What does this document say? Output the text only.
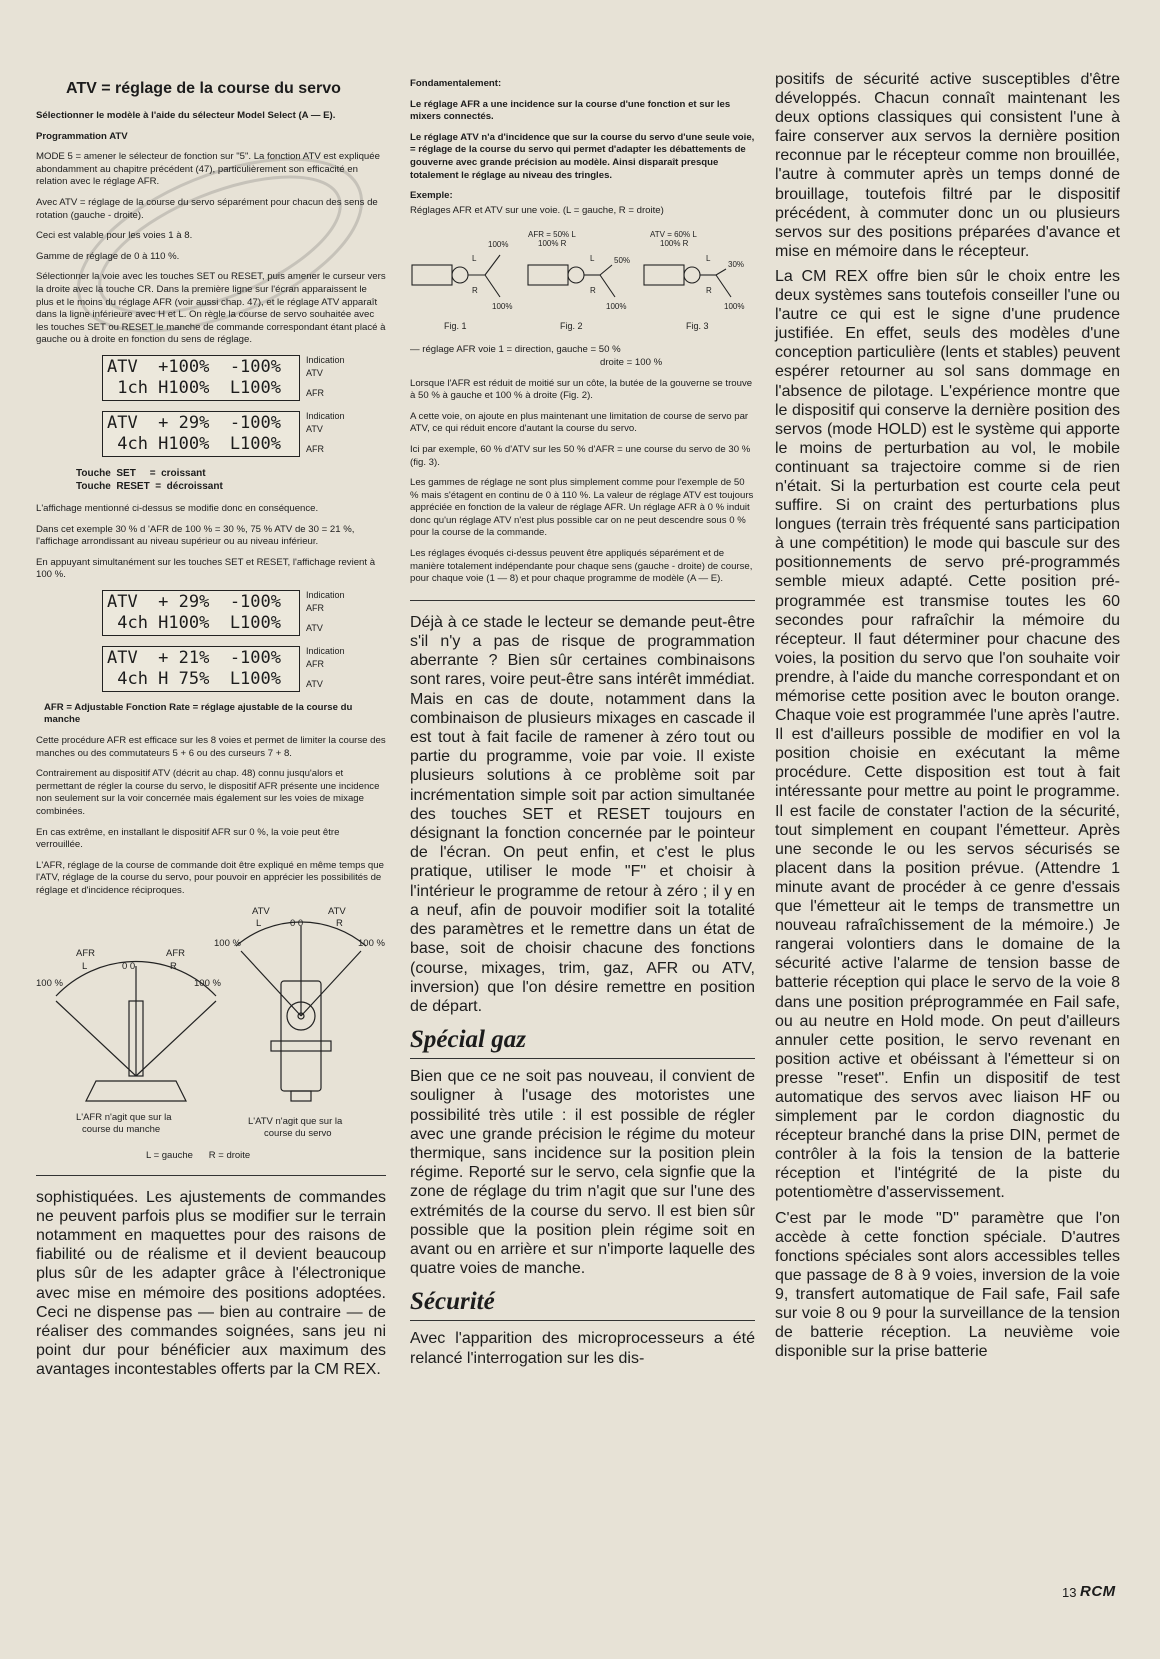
ATV = réglage de la course du servo

Sélectionner le modèle à l'aide du sélecteur Model Select (A — E).

Programmation ATV

MODE 5 = amener le sélecteur de fonction sur "5". La fonction ATV est expliquée abondamment au chapitre précédent (47), particulièrement son efficacité en relation avec le réglage AFR.

Avec ATV = réglage de la course du servo séparément pour chacun des sens de rotation (gauche - droite).

Ceci est valable pour les voies 1 à 8.

Gamme de réglage de 0 à 110 %.

Sélectionner la voie avec les touches SET ou RESET, puis amener le curseur vers la droite avec la touche CR. Dans la première ligne sur l'écran apparaissent le plus et le moins du réglage AFR (voir aussi chap. 47), et le réglage ATV apparaît dans la ligne inférieure avec H et L. On règle la course de servo souhaitée avec les touches SET ou RESET le manche de commande correspondant étant placé à gauche ou à droite en fonction du sens de réglage.

ATV  +100%  -100%
1ch H100%  L100%
Indication
ATV
AFR
ATV  + 29%  -100%
4ch H100%  L100%
Indication
ATV
AFR
Touche  SET     =  croissant
Touche  RESET  =  décroissant

L'affichage mentionné ci-dessus se modifie donc en conséquence.

Dans cet exemple 30 % d 'AFR de 100 % = 30 %, 75 % ATV de 30 = 21 %, l'affichage arrondissant au niveau supérieur ou au niveau inférieur.

En appuyant simultanément sur les touches SET et RESET, l'affichage revient à 100 %.

ATV  + 29%  -100%
4ch H100%  L100%
Indication
AFR
ATV
ATV  + 21%  -100%
4ch H 75%  L100%
Indication
AFR
ATV

AFR = Adjustable Fonction Rate = réglage ajustable de la course du manche

Cette procédure AFR est efficace sur les 8 voies et permet de limiter la course des manches ou des commutateurs 5 + 6 ou des curseurs 7 + 8.

Contrairement au dispositif ATV (décrit au chap. 48) connu jusqu'alors et permettant de régler la course du servo, le dispositif AFR présente une incidence non seulement sur la voir concernée mais également sur les voies de mixage combinées.

En cas extrême, en installant le dispositif AFR sur 0 %, la voie peut être verrouillée.

L'AFR, réglage de la course de commande doit être expliqué en même temps que l'ATV, réglage de la course du servo, pour pouvoir en apprécier les possibilités de réglage et d'incidence réciproques.

AFR	AFR
L	0 0	R
100 %	100 %
ATV	ATV
L	0 0	R
100 %	100 %
L'AFR n'agit que sur la
course du manche
L'ATV n'agit que sur la
course du servo
L = gauche      R = droite

sophistiquées. Les ajustements de commandes ne peuvent parfois plus se modifier sur le terrain notamment en maquettes pour des raisons de fiabilité ou de réalisme et il devient beaucoup plus sûr de les adapter grâce à l'électronique avec mise en mémoire des positions adoptées. Ceci ne dispense pas — bien au contraire — de réaliser des commandes soignées, sans jeu ni point dur pour bénéficier aux maximum des avantages incontestables offerts par la CM REX.

Fondamentalement:

Le réglage AFR a une incidence sur la course d'une fonction et sur les mixers connectés.

Le réglage ATV n'a d'incidence que sur la course du servo d'une seule voie, = réglage de la course du servo qui permet d'adapter les débattements de gouverne avec grande précision au modèle. Ainsi disparaît presque totalement le réglage au niveau des tringles.

Exemple:

Réglages AFR et ATV sur une voie. (L = gauche, R = droite)

100%
L
R
100%
AFR = 50% L
100% R
50%
L
R
100%
ATV = 60% L
100% R
30%
L
R
100%
Fig. 1	Fig. 2	Fig. 3

— réglage AFR voie 1 = direction, gauche = 50 %

droite = 100 %

Lorsque l'AFR est réduit de moitié sur un côte, la butée de la gouverne se trouve à 50 % à gauche et 100 % à droite (Fig. 2).

A cette voie, on ajoute en plus maintenant une limitation de course de servo par ATV, ce qui réduit encore d'autant la course du servo.

Ici par exemple, 60 % d'ATV sur les 50 % d'AFR = une course du servo de 30 % (fig. 3).

Les gammes de réglage ne sont plus simplement comme pour l'exemple de 50 % mais s'étagent en continu de 0 à 110 %. La valeur de réglage ATV est toujours appréciée en fonction de la valeur de réglage AFR. Un réglage AFR à 0 % induit donc qu'un réglage ATV n'est plus possible car on ne peut descendre sous 0 % pour la course de la commande.

Les réglages évoqués ci-dessus peuvent être appliqués séparément et de manière totalement indépendante pour chaque sens (gauche - droite) de course, pour chaque voie (1 — 8) et pour chaque programme de modèle (A — E).

Déjà à ce stade le lecteur se demande peut-être s'il n'y a pas de risque de programmation aberrante ? Bien sûr certaines combinaisons sont rares, voire peut-être sans intérêt immédiat. Mais en cas de doute, notamment dans la combinaison de plusieurs mixages en cascade il est tout à fait facile de ramener à zéro tout ou partie du programme, voie par voie. Il existe plusieurs solutions à ce problème soit par incrémentation simple soit par action simultanée des touches SET et RESET toujours en désignant la fonction concernée par le pointeur de l'écran. On peut enfin, et c'est le plus pratique, utiliser le mode "F" et choisir à l'intérieur le programme de retour à zéro ; il y en a neuf, afin de pouvoir modifier soit la totalité des paramètres et le remettre dans un état de base, soit de choisir chacune des fonctions (course, mixages, trim, gaz, AFR ou ATV, inversion) que l'on désire remettre en position de départ.

Spécial gaz

Bien que ce ne soit pas nouveau, il convient de souligner à l'usage des motoristes une possibilité très utile : il est possible de régler avec une grande précision le régime du moteur thermique, sans incidence sur la position plein régime. Reporté sur le servo, cela signfie que la zone de réglage du trim n'agit que sur l'une des extrémités de la course du servo. Il est bien sûr possible que la position plein régime soit en avant ou en arrière et sur n'importe laquelle des quatre voies de manche.

Sécurité

Avec l'apparition des microprocesseurs a été relancé l'interrogation sur les dis-

positifs de sécurité active susceptibles d'être développés. Chacun connaît maintenant les deux options classiques qui consistent l'une à faire conserver aux servos la dernière position reconnue par le récepteur comme non brouillée, l'autre à commuter après un temps donné de brouillage, toutefois filtré par le dispositif précédent, à commuter donc un ou plusieurs servos sur des positions préparées d'avance et mise en mémoire dans le récepteur.

La CM REX offre bien sûr le choix entre les deux systèmes sans toutefois conseiller l'une ou l'autre ce qui est le signe d'une prudence justifiée. En effet, seuls des modèles d'une conception particulière (lents et stables) peuvent espérer retourner au sol sans dommage en l'absence de pilotage. L'expérience montre que le dispositif qui conserve la dernière position des servos (mode HOLD) est le système qui apporte le moins de perturbation au vol, le mobile continuant sa trajectoire comme si de rien n'était. Si la perturbation est courte cela peut suffire. Si on craint des perturbations plus longues (terrain très fréquenté sans participation à une compétition) le mode qui bascule sur des positionnements de servo pré-programmés semble mieux adapté. Cette position pré-programmée est transmise toutes les 60 secondes pour rafraîchir la mémoire du récepteur. Il faut déterminer pour chacune des voies, la position du servo que l'on souhaite voir prendre, à l'aide du manche correspondant et on mémorise cette position avec le bouton orange. Chaque voie est programmée l'une après l'autre. Il est d'ailleurs possible de modifier en vol la position choisie en exécutant la même procédure. Cette disposition est tout à fait intéressante pour mettre au point le programme. Il est facile de constater l'action de la sécurité, tout simplement en coupant l'émetteur. Après une seconde le ou les servos sécurisés se placent dans la position prévue. (Attendre 1 minute avant de procéder à ce genre d'essais que l'émetteur ait le temps de transmettre un nouveau rafraîchissement de la mémoire.) Je rangerai volontiers dans le domaine de la sécurité active l'alarme de tension basse de batterie réception qui place le servo de la voie 8 dans une position préprogrammée en Fail safe, ou au neutre en Hold mode. On peut d'ailleurs annuler cette position, le servo revenant en position active et obéissant à l'émetteur si on presse "reset". Enfin un dispositif de test automatique des servos avec liaison HF ou simplement par le cordon diagnostic du récepteur branché dans la prise DIN, permet de contrôler à la fois la tension de la batterie réception et l'intégrité de la piste du potentiomètre d'asservissement.

C'est par le mode "D" paramètre que l'on accède à cette fonction spéciale. D'autres fonctions spéciales sont alors accessibles telles que passage de 8 à 9 voies, inversion de la voie 9, transfert automatique de Fail safe, Fail safe sur voie 8 ou 9 pour la surveillance de la tension de batterie réception. La neuvième voie disponible sur la prise batterie

13 RCM
